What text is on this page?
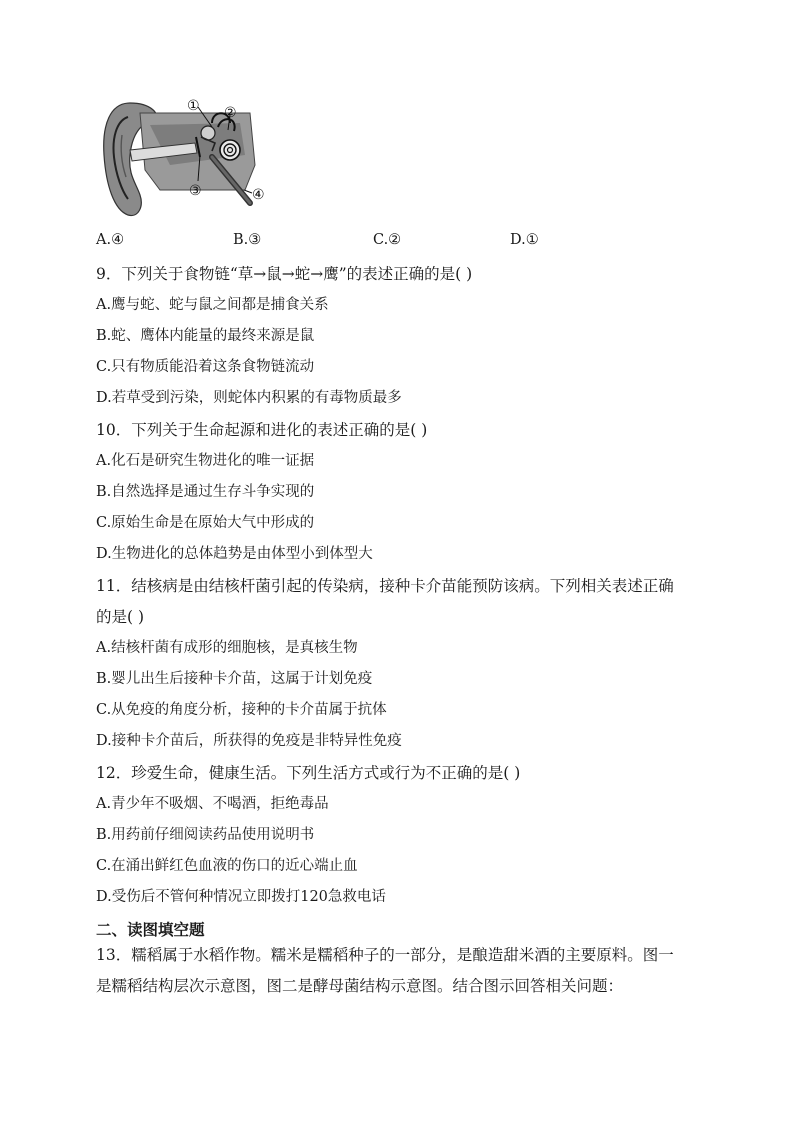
① ②
③	④
A.④	B.③	C.②	D.①
9．下列关于食物链“草→鼠→蛇→鹰”的表述正确的是( )
A.鹰与蛇、蛇与鼠之间都是捕食关系
B.蛇、鹰体内能量的最终来源是鼠
C.只有物质能沿着这条食物链流动
D.若草受到污染，则蛇体内积累的有毒物质最多
10．下列关于生命起源和进化的表述正确的是( )
A.化石是研究生物进化的唯一证据
B.自然选择是通过生存斗争实现的
C.原始生命是在原始大气中形成的
D.生物进化的总体趋势是由体型小到体型大
11．结核病是由结核杆菌引起的传染病，接种卡介苗能预防该病。下列相关表述正确
的是( )
A.结核杆菌有成形的细胞核，是真核生物
B.婴儿出生后接种卡介苗，这属于计划免疫
C.从免疫的角度分析，接种的卡介苗属于抗体
D.接种卡介苗后，所获得的免疫是非特异性免疫
12．珍爱生命，健康生活。下列生活方式或行为不正确的是( )
A.青少年不吸烟、不喝酒，拒绝毒品
B.用药前仔细阅读药品使用说明书
C.在涌出鲜红色血液的伤口的近心端止血
D.受伤后不管何种情况立即拨打120急救电话
二、读图填空题
13．糯稻属于水稻作物。糯米是糯稻种子的一部分，是酿造甜米酒的主要原料。图一
是糯稻结构层次示意图，图二是酵母菌结构示意图。结合图示回答相关问题：
